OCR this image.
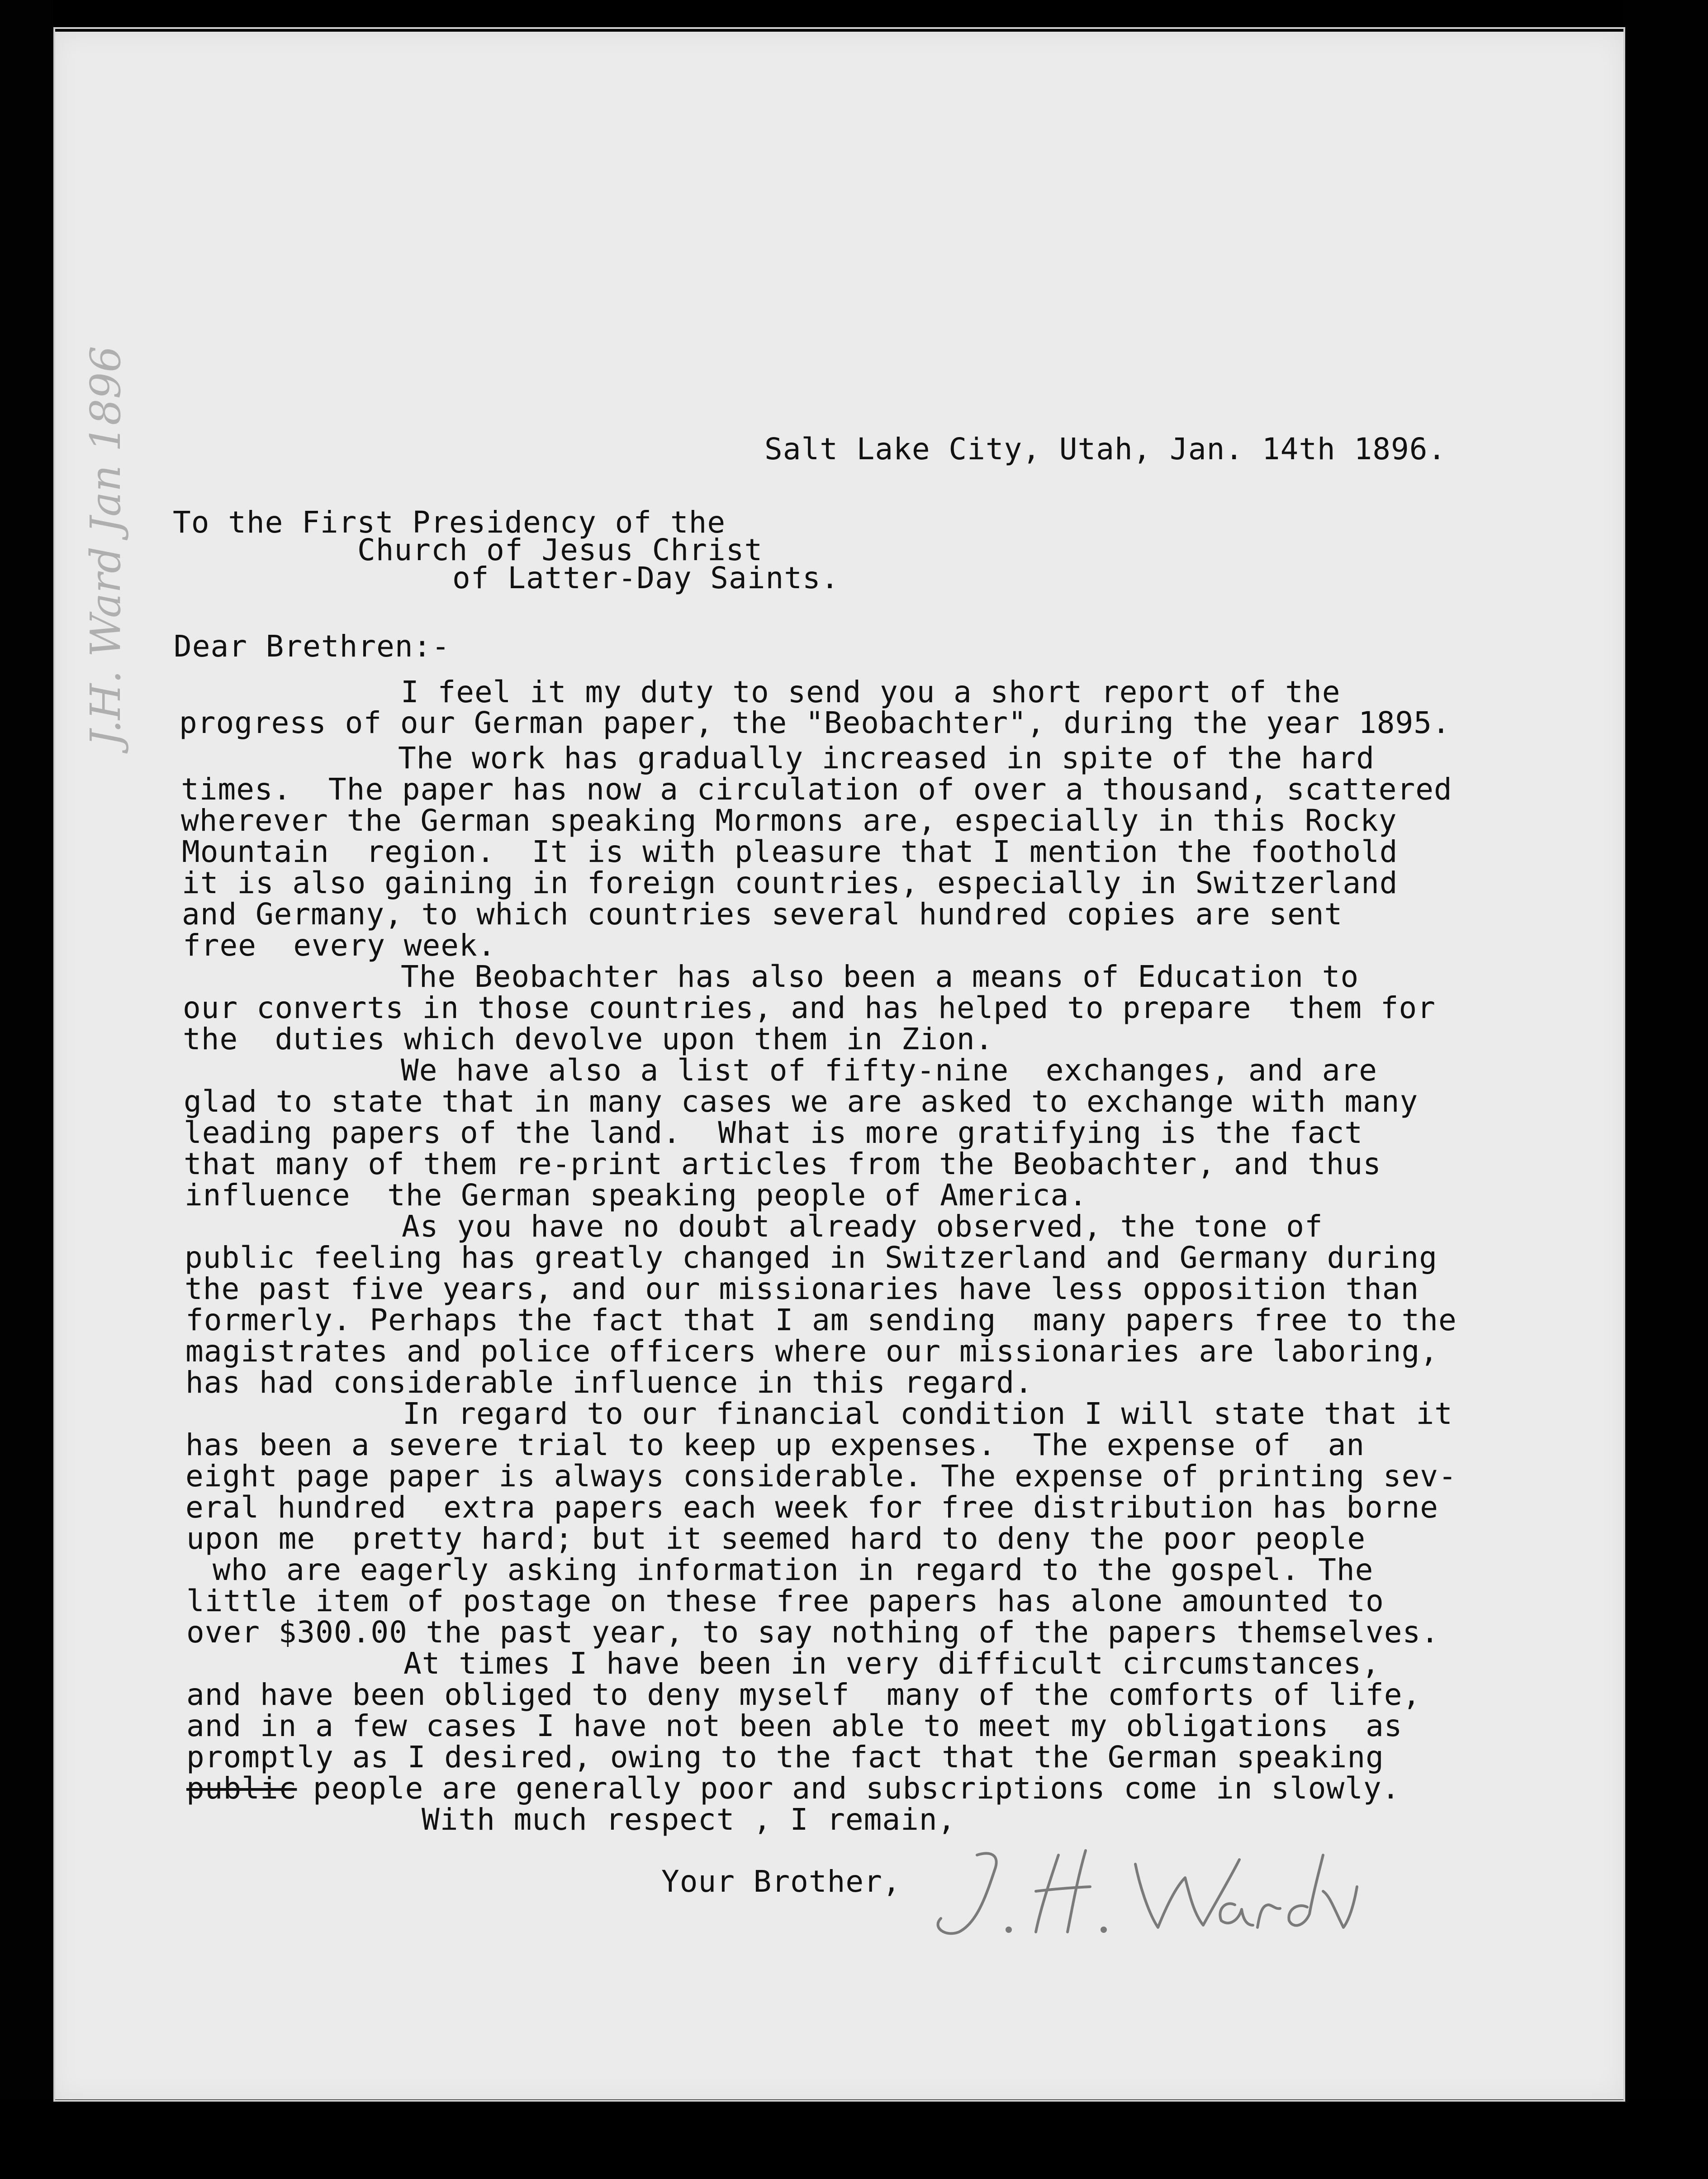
J.H. Ward Jan 1896	Salt Lake City, Utah, Jan. 14th 1896.
To the First Presidency of the
Church of Jesus Christ
of Latter-Day Saints.
Dear Brethren:-
I feel it my duty to send you a short report of the
progress of our German paper, the "Beobachter", during the year 1895.
The work has gradually increased in spite of the hard
times.  The paper has now a circulation of over a thousand, scattered
wherever the German speaking Mormons are, especially in this Rocky
Mountain  region.  It is with pleasure that I mention the foothold
it is also gaining in foreign countries, especially in Switzerland
and Germany, to which countries several hundred copies are sent
free  every week.
The Beobachter has also been a means of Education to
our converts in those countries, and has helped to prepare  them for
the  duties which devolve upon them in Zion.
We have also a list of fifty-nine  exchanges, and are
glad to state that in many cases we are asked to exchange with many
leading papers of the land.  What is more gratifying is the fact
that many of them re-print articles from the Beobachter, and thus
influence  the German speaking people of America.
As you have no doubt already observed, the tone of
public feeling has greatly changed in Switzerland and Germany during
the past five years, and our missionaries have less opposition than
formerly. Perhaps the fact that I am sending  many papers free to the
magistrates and police officers where our missionaries are laboring,
has had considerable influence in this regard.
In regard to our financial condition I will state that it
has been a severe trial to keep up expenses.  The expense of  an
eight page paper is always considerable. The expense of printing sev-
eral hundred  extra papers each week for free distribution has borne
upon me  pretty hard; but it seemed hard to deny the poor people
who are eagerly asking information in regard to the gospel. The
little item of postage on these free papers has alone amounted to
over $300.00 the past year, to say nothing of the papers themselves.
At times I have been in very difficult circumstances,
and have been obliged to deny myself  many of the comforts of life,
and in a few cases I have not been able to meet my obligations  as
promptly as I desired, owing to the fact that the German speaking
public people are generally poor and subscriptions come in slowly.
With much respect , I remain,
Your Brother,
